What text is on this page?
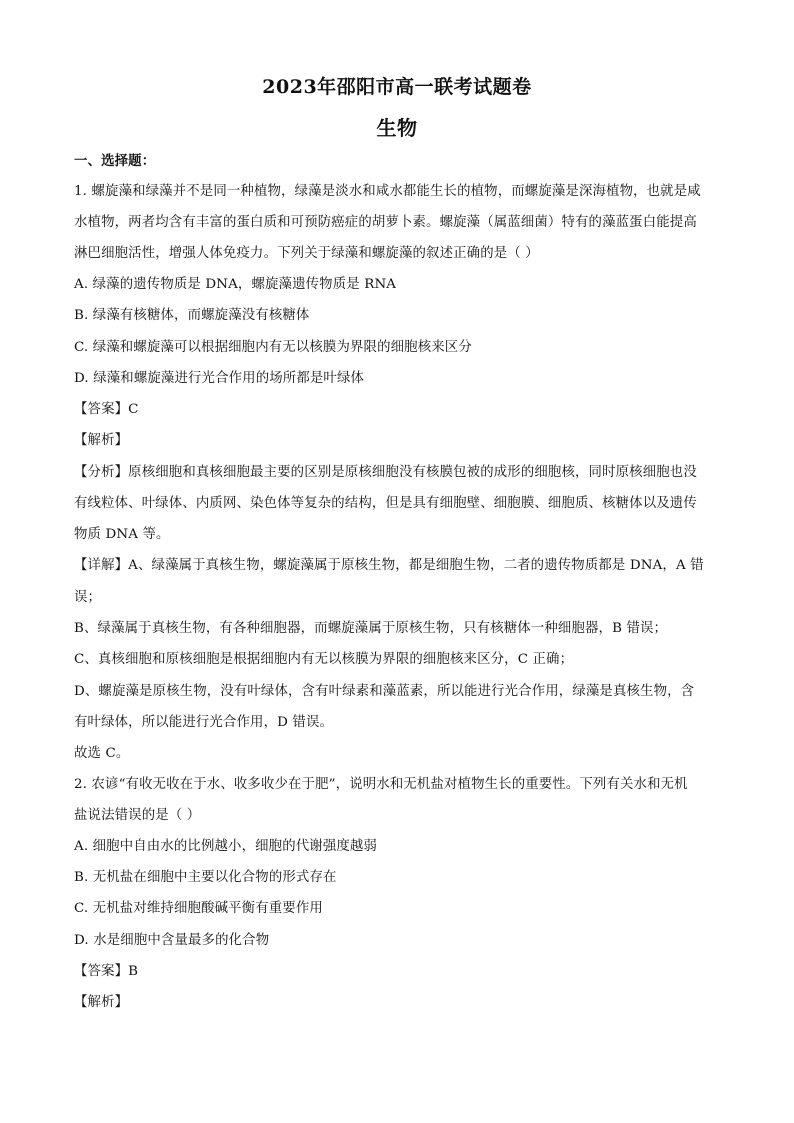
2023年邵阳市高一联考试题卷
生物
一、选择题：
1. 螺旋藻和绿藻并不是同一种植物，绿藻是淡水和咸水都能生长的植物，而螺旋藻是深海植物，也就是咸
水植物，两者均含有丰富的蛋白质和可预防癌症的胡萝卜素。螺旋藻（属蓝细菌）特有的藻蓝蛋白能提高
淋巴细胞活性，增强人体免疫力。下列关于绿藻和螺旋藻的叙述正确的是（ ）
A. 绿藻的遗传物质是 DNA，螺旋藻遗传物质是 RNA
B. 绿藻有核糖体，而螺旋藻没有核糖体
C. 绿藻和螺旋藻可以根据细胞内有无以核膜为界限的细胞核来区分
D. 绿藻和螺旋藻进行光合作用的场所都是叶绿体
【答案】C
【解析】
【分析】原核细胞和真核细胞最主要的区别是原核细胞没有核膜包被的成形的细胞核，同时原核细胞也没
有线粒体、叶绿体、内质网、染色体等复杂的结构，但是具有细胞壁、细胞膜、细胞质、核糖体以及遗传
物质 DNA 等。
【详解】A、绿藻属于真核生物，螺旋藻属于原核生物，都是细胞生物，二者的遗传物质都是 DNA，A 错
误；
B、绿藻属于真核生物，有各种细胞器，而螺旋藻属于原核生物，只有核糖体一种细胞器，B 错误；
C、真核细胞和原核细胞是根据细胞内有无以核膜为界限的细胞核来区分，C 正确；
D、螺旋藻是原核生物，没有叶绿体，含有叶绿素和藻蓝素，所以能进行光合作用，绿藻是真核生物，含
有叶绿体，所以能进行光合作用，D 错误。
故选 C。
2. 农谚“有收无收在于水、收多收少在于肥”，说明水和无机盐对植物生长的重要性。下列有关水和无机
盐说法错误的是（ ）
A. 细胞中自由水的比例越小，细胞的代谢强度越弱
B. 无机盐在细胞中主要以化合物的形式存在
C. 无机盐对维持细胞酸碱平衡有重要作用
D. 水是细胞中含量最多的化合物
【答案】B
【解析】
